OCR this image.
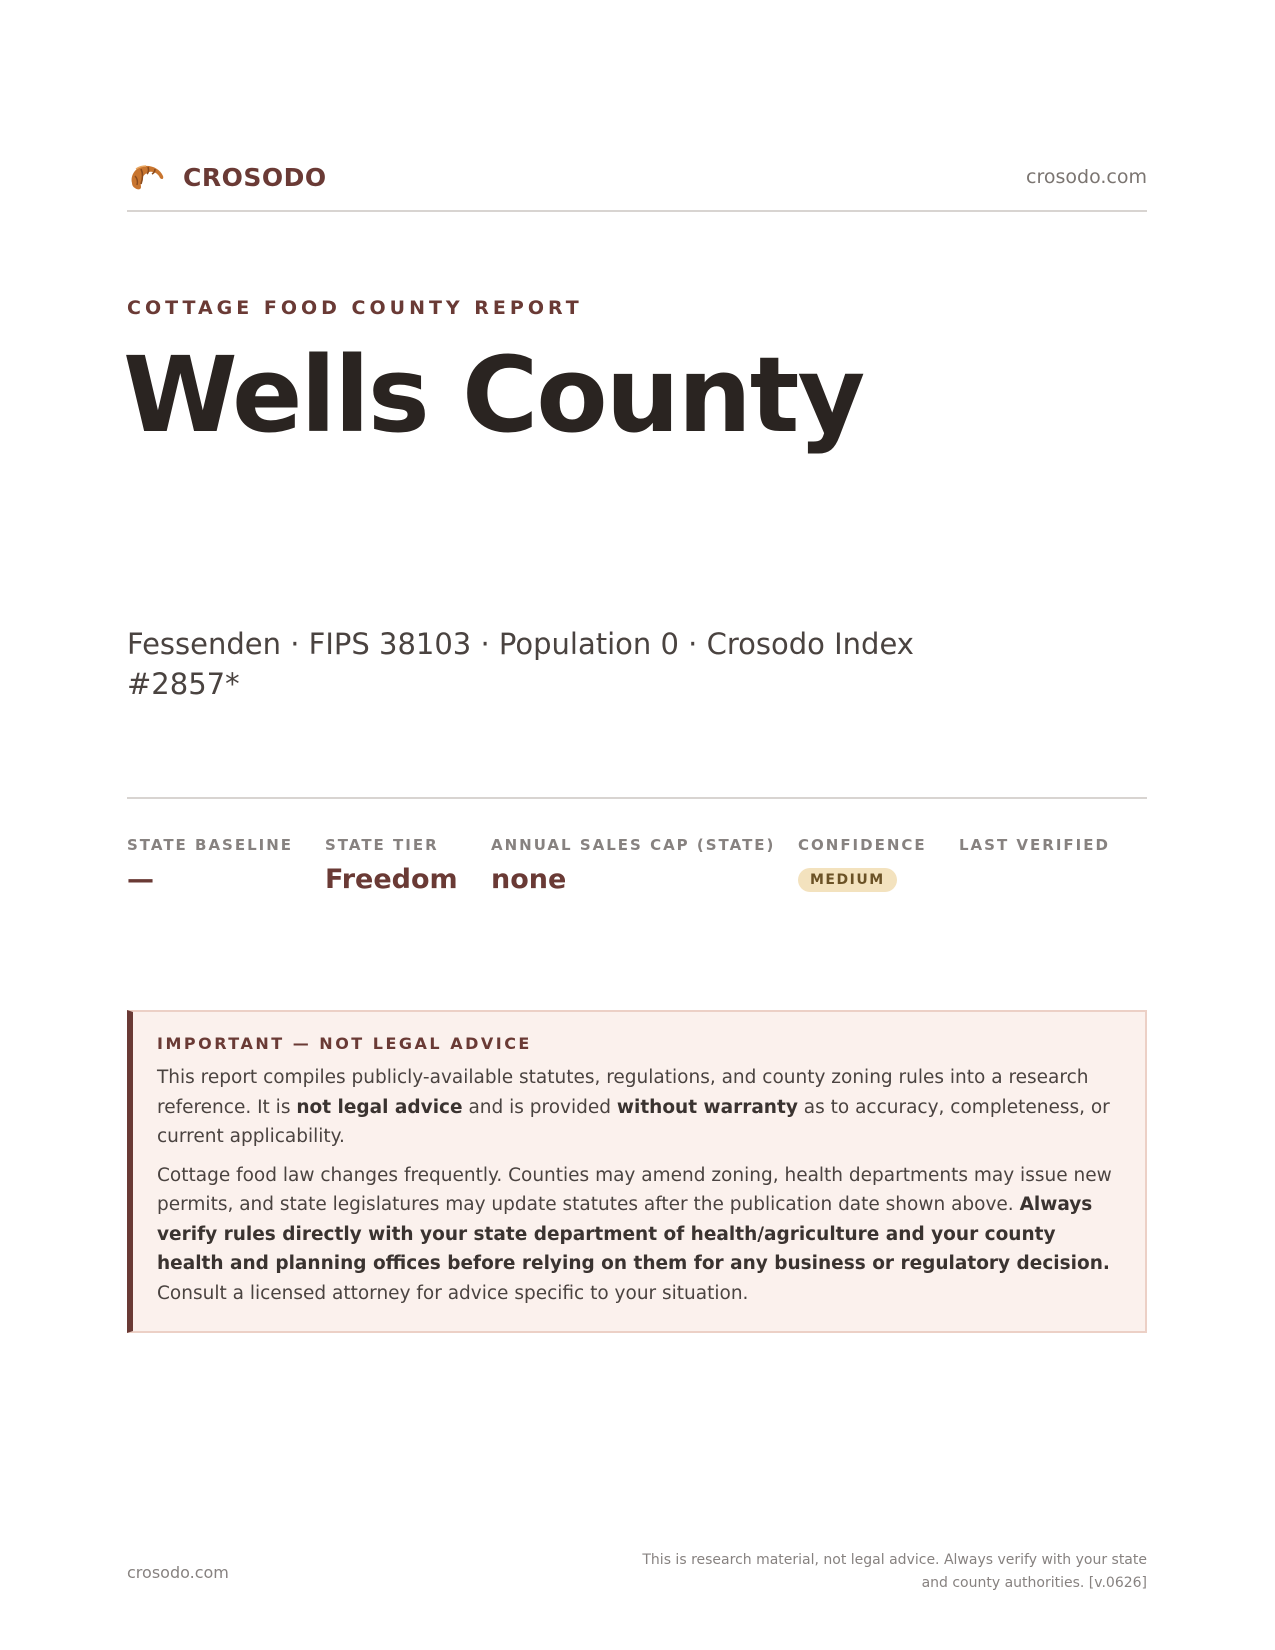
CROSODO	crosodo.com
COTTAGE FOOD COUNTY REPORT
Wells County
Fessenden · FIPS 38103 · Population 0 · Crosodo Index #2857*
STATE BASELINE
—
STATE TIER
Freedom
ANNUAL SALES CAP (STATE)
none
CONFIDENCE
MEDIUM
LAST VERIFIED
IMPORTANT — NOT LEGAL ADVICE

This report compiles publicly-available statutes, regulations, and county zoning rules into a research reference. It is not legal advice and is provided without warranty as to accuracy, completeness, or current applicability.

Cottage food law changes frequently. Counties may amend zoning, health departments may issue new permits, and state legislatures may update statutes after the publication date shown above. Always verify rules directly with your state department of health/agriculture and your county health and planning offices before relying on them for any business or regulatory decision. Consult a licensed attorney for advice specific to your situation.

crosodo.com
This is research material, not legal advice. Always verify with your state and county authorities. [v.0626]
